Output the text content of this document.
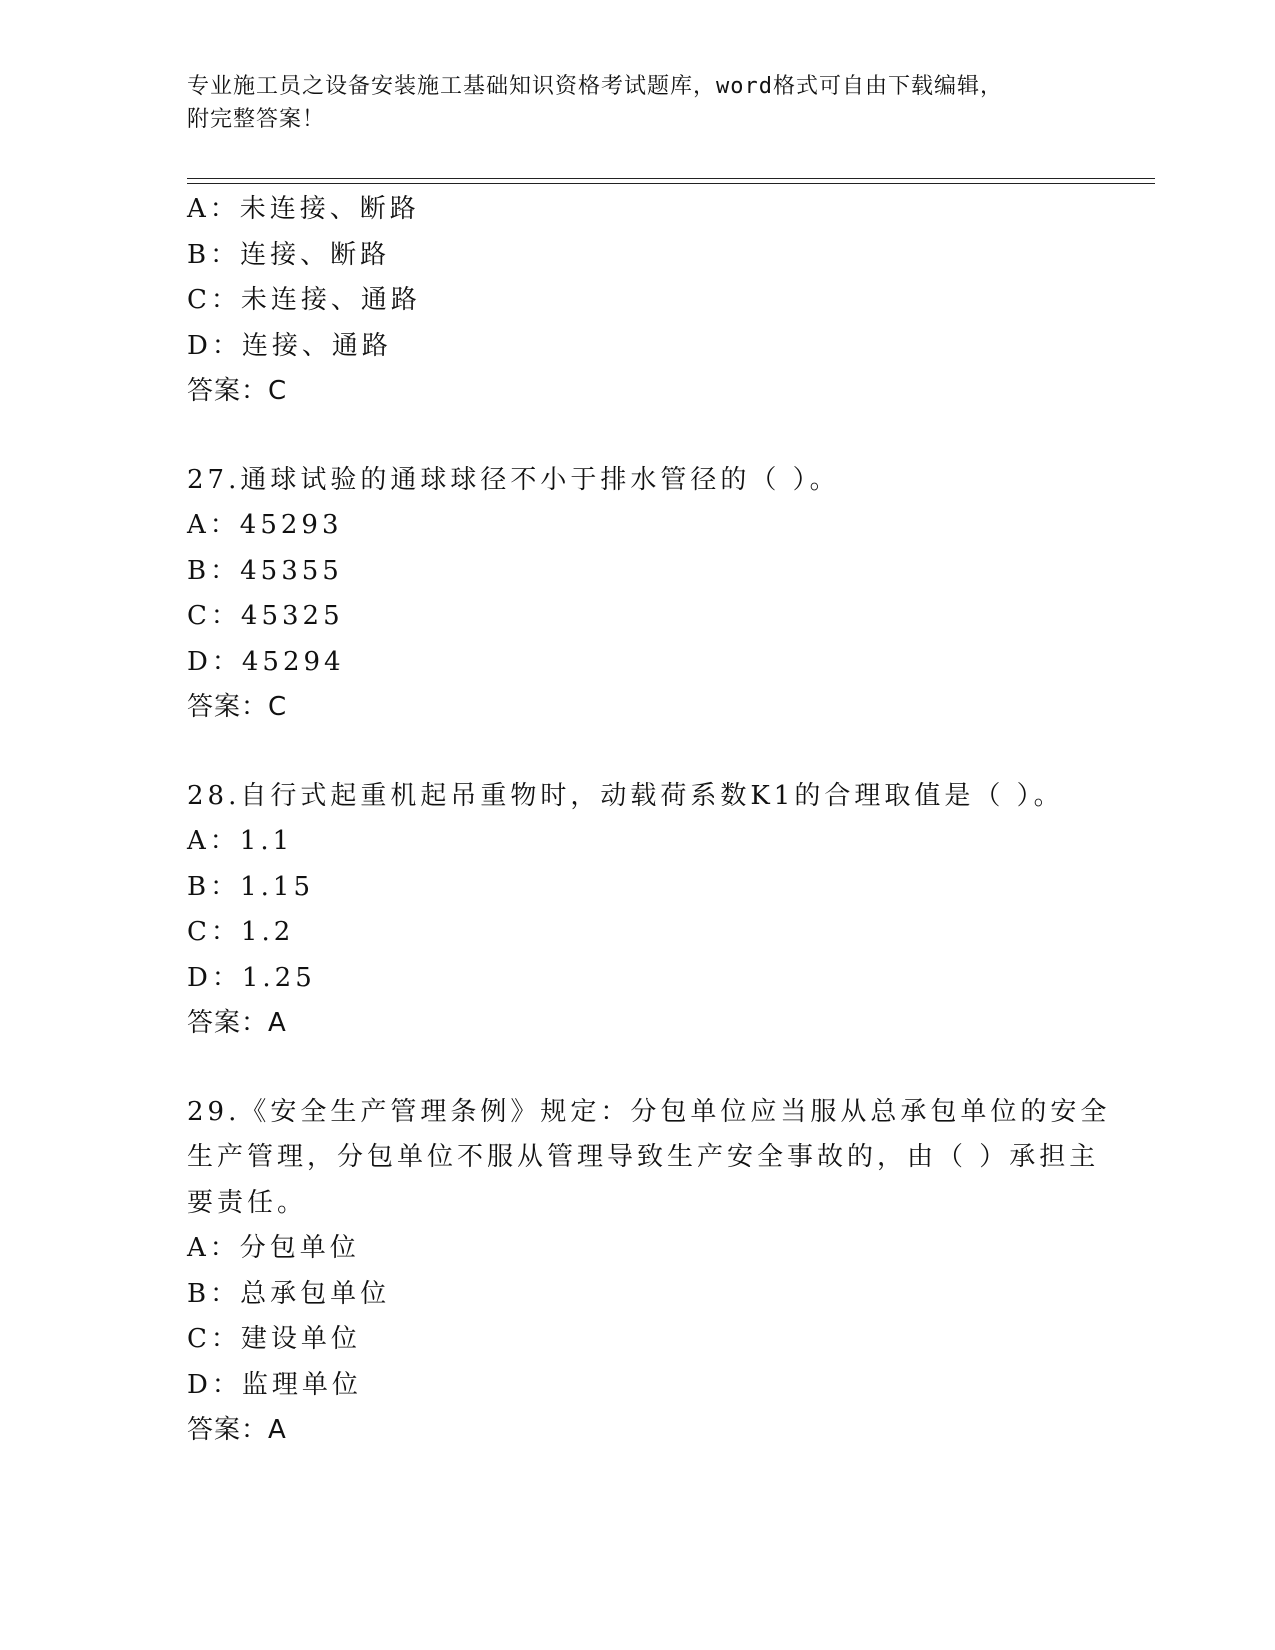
专业施工员之设备安装施工基础知识资格考试题库，word格式可自由下载编辑，
附完整答案！
A：未连接、断路
B：连接、断路
C：未连接、通路
D：连接、通路
答案：C
27.通球试验的通球球径不小于排水管径的（ ）。
A：45293
B：45355
C：45325
D：45294
答案：C
28.自行式起重机起吊重物时，动载荷系数K1的合理取值是（ ）。
A：1.1
B：1.15
C：1.2
D：1.25
答案：A
29.《安全生产管理条例》规定：分包单位应当服从总承包单位的安全
生产管理，分包单位不服从管理导致生产安全事故的，由（ ）承担主
要责任。
A：分包单位
B：总承包单位
C：建设单位
D：监理单位
答案：A
